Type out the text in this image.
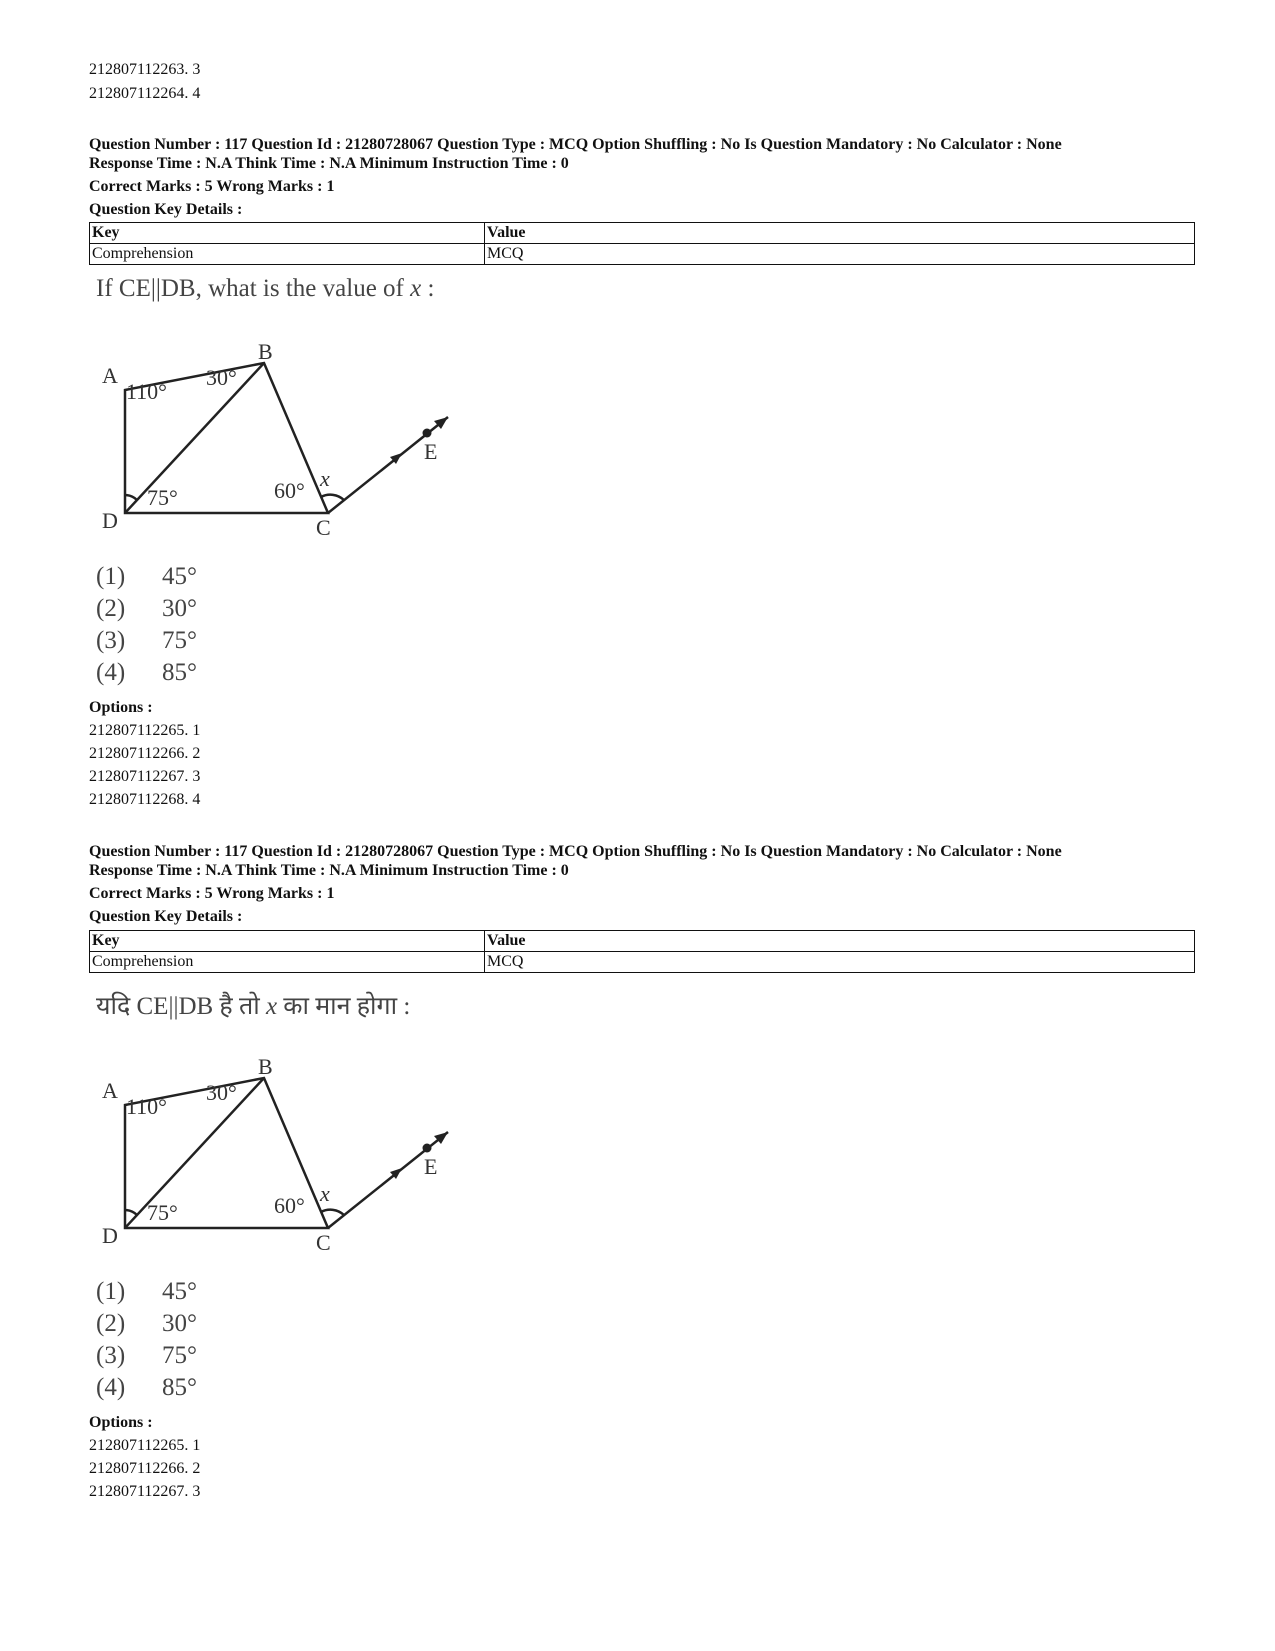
212807112263. 3
212807112264. 4
Question Number : 117 Question Id : 21280728067 Question Type : MCQ Option Shuffling : No Is Question Mandatory : No Calculator : None
Response Time : N.A Think Time : N.A Minimum Instruction Time : 0
Correct Marks : 5 Wrong Marks : 1
Question Key Details :
Key	Value
Comprehension	MCQ
If CE||DB, what is the value of x :
A
B
C
D
E
110°
30°
75°	60° x
(1) 45°
(2) 30°
(3) 75°
(4) 85°
Options :
212807112265. 1
212807112266. 2
212807112267. 3
212807112268. 4
Question Number : 117 Question Id : 21280728067 Question Type : MCQ Option Shuffling : No Is Question Mandatory : No Calculator : None
Response Time : N.A Think Time : N.A Minimum Instruction Time : 0
Correct Marks : 5 Wrong Marks : 1
Question Key Details :
Key	Value
Comprehension	MCQ
यदि CE||DB है तो x का मान होगा :
A
B
C
D
E
110°
30°
75°	60° x
(1) 45°
(2) 30°
(3) 75°
(4) 85°
Options :
212807112265. 1
212807112266. 2
212807112267. 3
